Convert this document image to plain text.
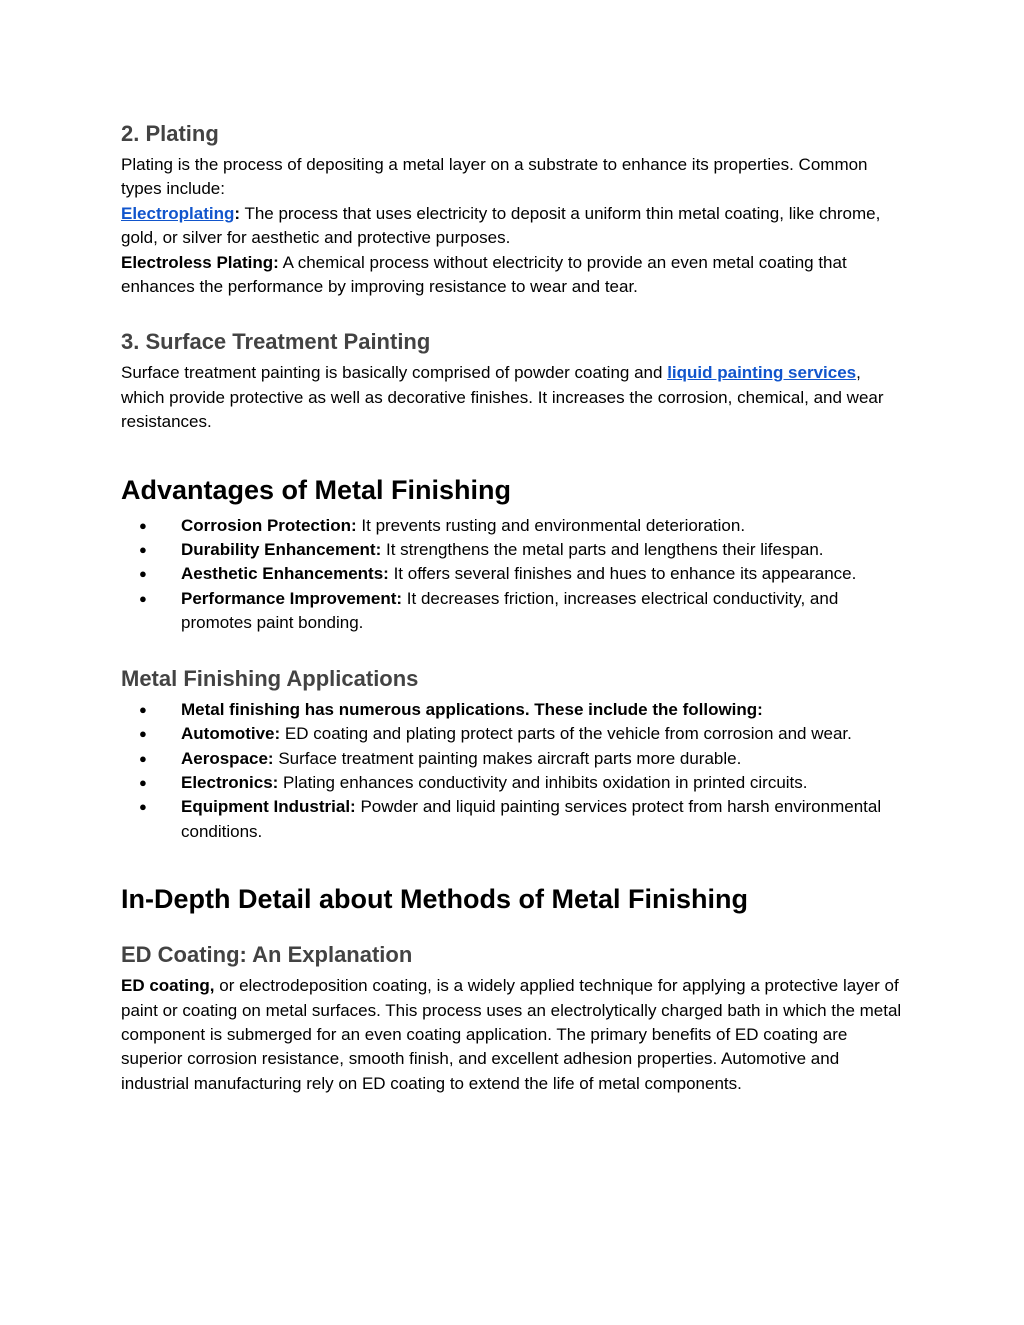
2. Plating

Plating is the process of depositing a metal layer on a substrate to enhance its properties. Common types include:

Electroplating: The process that uses electricity to deposit a uniform thin metal coating, like chrome, gold, or silver for aesthetic and protective purposes.

Electroless Plating: A chemical process without electricity to provide an even metal coating that enhances the performance by improving resistance to wear and tear.

3. Surface Treatment Painting

Surface treatment painting is basically comprised of powder coating and liquid painting services, which provide protective as well as decorative finishes. It increases the corrosion, chemical, and wear resistances.

Advantages of Metal Finishing
● Corrosion Protection: It prevents rusting and environmental deterioration.
● Durability Enhancement: It strengthens the metal parts and lengthens their lifespan.
● Aesthetic Enhancements: It offers several finishes and hues to enhance its appearance.
● Performance Improvement: It decreases friction, increases electrical conductivity, and promotes paint bonding.
Metal Finishing Applications
● Metal finishing has numerous applications. These include the following:
● Automotive: ED coating and plating protect parts of the vehicle from corrosion and wear.
● Aerospace: Surface treatment painting makes aircraft parts more durable.
● Electronics: Plating enhances conductivity and inhibits oxidation in printed circuits.
● Equipment Industrial: Powder and liquid painting services protect from harsh environmental conditions.
In-Depth Detail about Methods of Metal Finishing
ED Coating: An Explanation

ED coating, or electrodeposition coating, is a widely applied technique for applying a protective layer of paint or coating on metal surfaces. This process uses an electrolytically charged bath in which the metal component is submerged for an even coating application. The primary benefits of ED coating are superior corrosion resistance, smooth finish, and excellent adhesion properties. Automotive and industrial manufacturing rely on ED coating to extend the life of metal components.
